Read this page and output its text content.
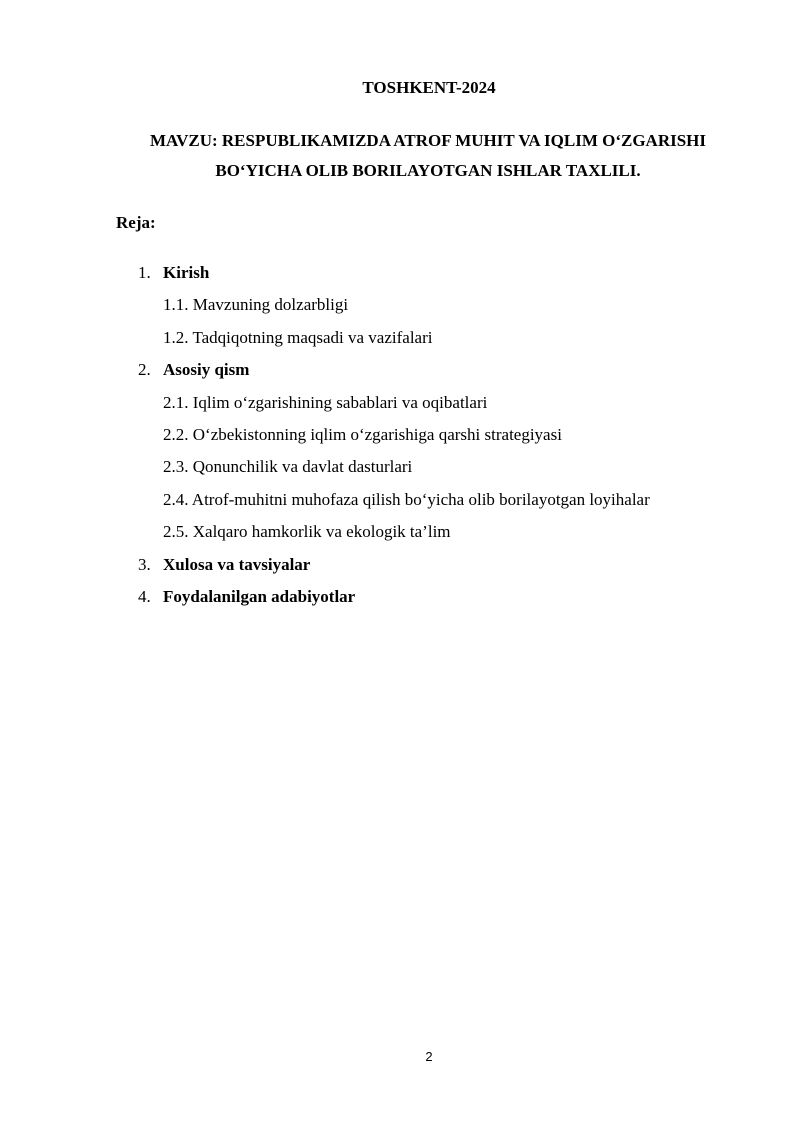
TOSHKENT-2024
MAVZU: RESPUBLIKAMIZDA ATROF MUHIT VA IQLIM O‘ZGARISHI
BO‘YICHA OLIB BORILAYOTGAN ISHLAR TAXLILI.
Reja:
1. Kirish
1.1. Mavzuning dolzarbligi
1.2. Tadqiqotning maqsadi va vazifalari
2. Asosiy qism
2.1. Iqlim o‘zgarishining sabablari va oqibatlari
2.2. O‘zbekistonning iqlim o‘zgarishiga qarshi strategiyasi
2.3. Qonunchilik va davlat dasturlari
2.4. Atrof-muhitni muhofaza qilish bo‘yicha olib borilayotgan loyihalar
2.5. Xalqaro hamkorlik va ekologik ta’lim
3. Xulosa va tavsiyalar
4. Foydalanilgan adabiyotlar
2
